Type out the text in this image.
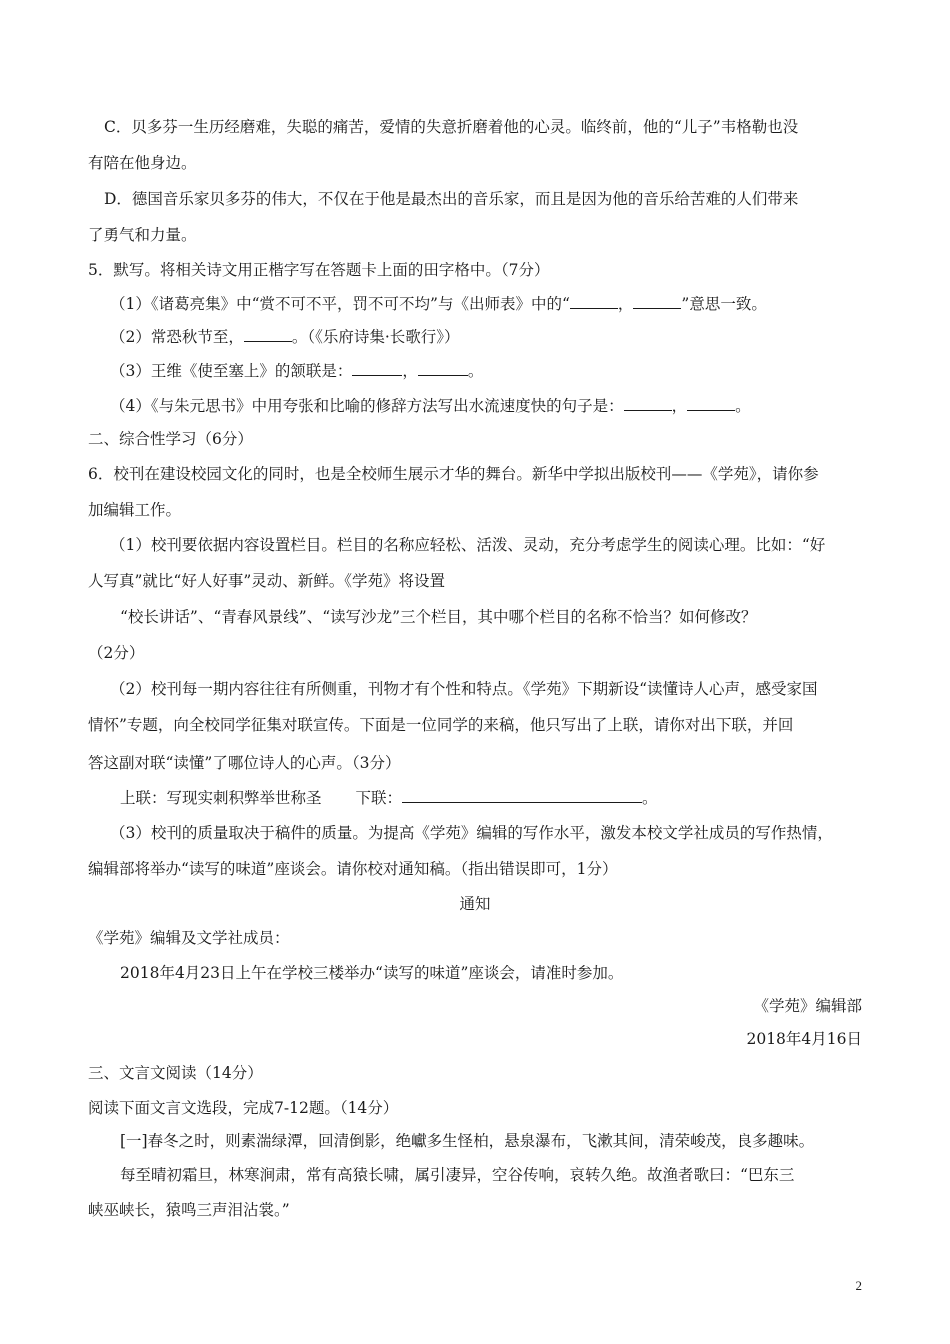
C．贝多芬一生历经磨难，失聪的痛苦，爱情的失意折磨着他的心灵。临终前，他的“儿子”韦格勒也没

有陪在他身边。

D．德国音乐家贝多芬的伟大，不仅在于他是最杰出的音乐家，而且是因为他的音乐给苦难的人们带来

了勇气和力量。

5．默写。将相关诗文用正楷字写在答题卡上面的田字格中。（7分）

（1）《诸葛亮集》中“赏不可不平，罚不可不均”与《出师表》中的“	，	”意思一致。

（2）常恐秋节至，	。（《乐府诗集·长歌行》）

（3）王维《使至塞上》的颔联是：	，	。

（4）《与朱元思书》中用夸张和比喻的修辞方法写出水流速度快的句子是：	，	。

二、综合性学习（6分）

6．校刊在建设校园文化的同时，也是全校师生展示才华的舞台。新华中学拟出版校刊——《学苑》，请你参

加编辑工作。

（1）校刊要依据内容设置栏目。栏目的名称应轻松、活泼、灵动，充分考虑学生的阅读心理。比如：“好

人写真”就比“好人好事”灵动、新鲜。《学苑》将设置

“校长讲话”、“青春风景线”、“读写沙龙”三个栏目，其中哪个栏目的名称不恰当？如何修改？

（2分）

（2）校刊每一期内容往往有所侧重，刊物才有个性和特点。《学苑》下期新设“读懂诗人心声，感受家国

情怀”专题，向全校同学征集对联宣传。下面是一位同学的来稿，他只写出了上联，请你对出下联，并回

答这副对联“读懂”了哪位诗人的心声。（3分）

上联：写现实刺积弊举世称圣 下联：	。

（3）校刊的质量取决于稿件的质量。为提高《学苑》编辑的写作水平，激发本校文学社成员的写作热情，

编辑部将举办“读写的味道”座谈会。请你校对通知稿。（指出错误即可，1分）

通知

《学苑》编辑及文学社成员：

2018年4月23日上午在学校三楼举办“读写的味道”座谈会，请准时参加。

《学苑》编辑部

2018年4月16日

三、文言文阅读（14分）

阅读下面文言文选段，完成7-12题。（14分）

[一]春冬之时，则素湍绿潭，回清倒影，绝巘多生怪柏，悬泉瀑布，飞漱其间，清荣峻茂，良多趣味。

每至晴初霜旦，林寒涧肃，常有高猿长啸，属引凄异，空谷传响，哀转久绝。故渔者歌曰：“巴东三

峡巫峡长，猿鸣三声泪沾裳。”

2
